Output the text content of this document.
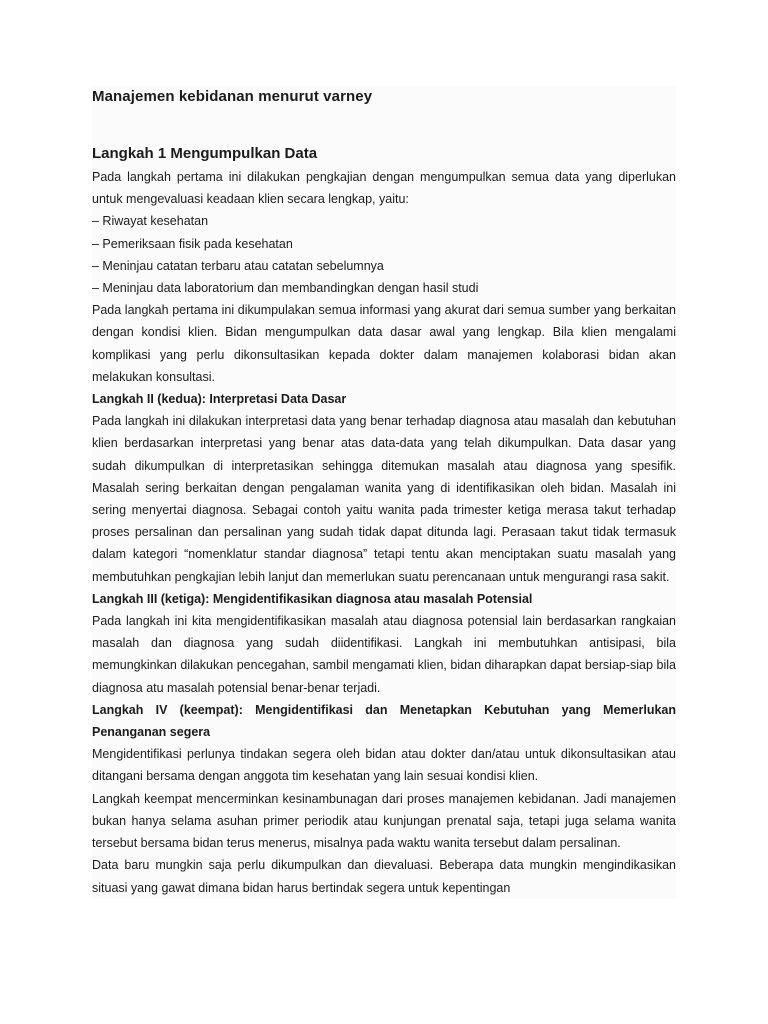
Manajemen kebidanan menurut varney
Langkah 1 Mengumpulkan Data

Pada langkah pertama ini dilakukan pengkajian dengan mengumpulkan semua data yang diperlukan untuk mengevaluasi keadaan klien secara lengkap, yaitu:

– Riwayat kesehatan

– Pemeriksaan fisik pada kesehatan

– Meninjau catatan terbaru atau catatan sebelumnya

– Meninjau data laboratorium dan membandingkan dengan hasil studi

Pada langkah pertama ini dikumpulakan semua informasi yang akurat dari semua sumber yang berkaitan dengan kondisi klien. Bidan mengumpulkan data dasar awal yang lengkap. Bila klien mengalami komplikasi yang perlu dikonsultasikan kepada dokter dalam manajemen kolaborasi bidan akan melakukan konsultasi.

Langkah II (kedua): Interpretasi Data Dasar

Pada langkah ini dilakukan interpretasi data yang benar terhadap diagnosa atau masalah dan kebutuhan klien berdasarkan interpretasi yang benar atas data-data yang telah dikumpulkan. Data dasar yang sudah dikumpulkan di interpretasikan sehingga ditemukan masalah atau diagnosa yang spesifik. Masalah sering berkaitan dengan pengalaman wanita yang di identifikasikan oleh bidan. Masalah ini sering menyertai diagnosa. Sebagai contoh yaitu wanita pada trimester ketiga merasa takut terhadap proses persalinan dan persalinan yang sudah tidak dapat ditunda lagi. Perasaan takut tidak termasuk dalam kategori “nomenklatur standar diagnosa” tetapi tentu akan menciptakan suatu masalah yang membutuhkan pengkajian lebih lanjut dan memerlukan suatu perencanaan untuk mengurangi rasa sakit.

Langkah III (ketiga): Mengidentifikasikan diagnosa atau masalah Potensial

Pada langkah ini kita mengidentifikasikan masalah atau diagnosa potensial lain berdasarkan rangkaian masalah dan diagnosa yang sudah diidentifikasi. Langkah ini membutuhkan antisipasi, bila memungkinkan dilakukan pencegahan, sambil mengamati klien, bidan diharapkan dapat bersiap-siap bila diagnosa atu masalah potensial benar-benar terjadi.

Langkah IV (keempat): Mengidentifikasi dan Menetapkan Kebutuhan yang Memerlukan Penanganan segera

Mengidentifikasi perlunya tindakan segera oleh bidan atau dokter dan/atau untuk dikonsultasikan atau ditangani bersama dengan anggota tim kesehatan yang lain sesuai kondisi klien.

Langkah keempat mencerminkan kesinambunagan dari proses manajemen kebidanan. Jadi manajemen bukan hanya selama asuhan primer periodik atau kunjungan prenatal saja, tetapi juga selama wanita tersebut bersama bidan terus menerus, misalnya pada waktu wanita tersebut dalam persalinan.

Data baru mungkin saja perlu dikumpulkan dan dievaluasi. Beberapa data mungkin mengindikasikan situasi yang gawat dimana bidan harus bertindak segera untuk kepentingan
